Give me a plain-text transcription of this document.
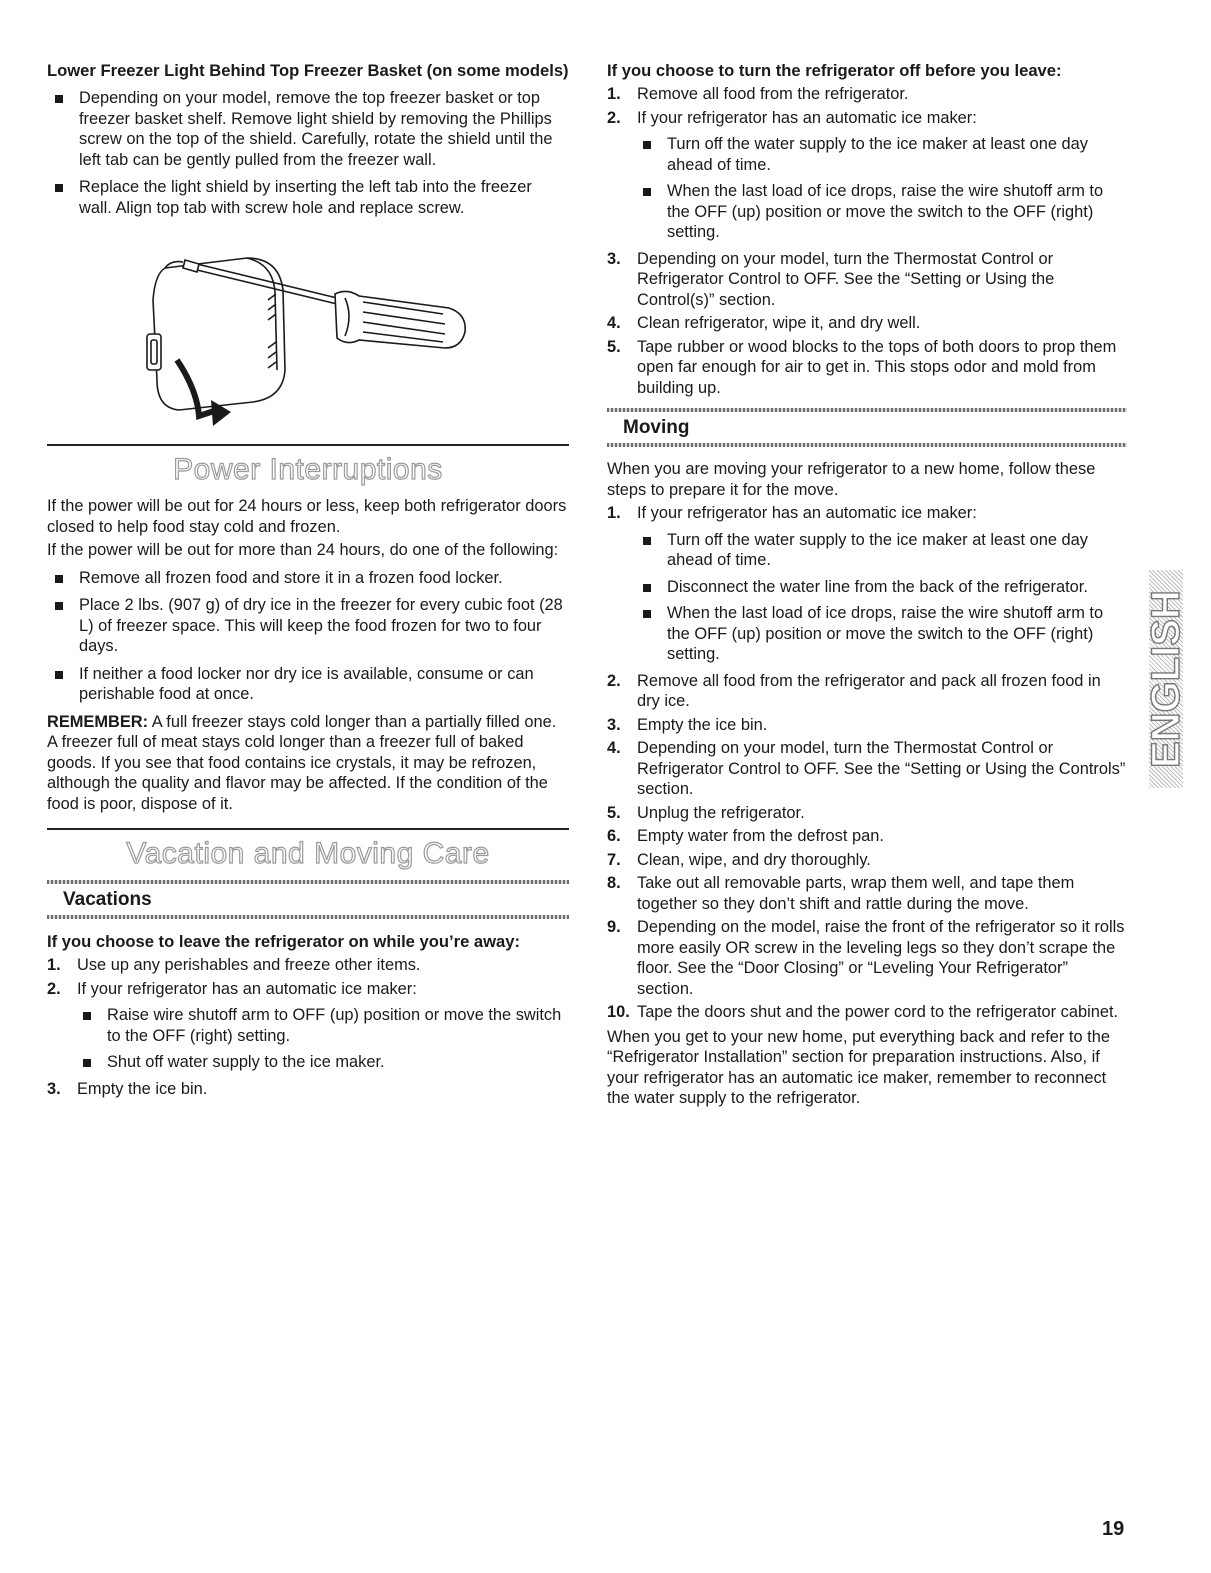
Lower Freezer Light Behind Top Freezer Basket (on some models)

Depending on your model, remove the top freezer basket or top freezer basket shelf. Remove light shield by removing the Phillips screw on the top of the shield. Carefully, rotate the shield until the left tab can be gently pulled from the freezer wall.
Replace the light shield by inserting the left tab into the freezer wall. Align top tab with screw hole and replace screw.
Power Interruptions

If the power will be out for 24 hours or less, keep both refrigerator doors closed to help food stay cold and frozen.

If the power will be out for more than 24 hours, do one of the following:

Remove all frozen food and store it in a frozen food locker.
Place 2 lbs. (907 g) of dry ice in the freezer for every cubic foot (28 L) of freezer space. This will keep the food frozen for two to four days.
If neither a food locker nor dry ice is available, consume or can perishable food at once.

REMEMBER: A full freezer stays cold longer than a partially filled one. A freezer full of meat stays cold longer than a freezer full of baked goods. If you see that food contains ice crystals, it may be refrozen, although the quality and flavor may be affected. If the condition of the food is poor, dispose of it.

Vacation and Moving Care
Vacations

If you choose to leave the refrigerator on while you’re away:

1. Use up any perishables and freeze other items.
2. If your refrigerator has an automatic ice maker:
Raise wire shutoff arm to OFF (up) position or move the switch to the OFF (right) setting.
Shut off water supply to the ice maker.
3. Empty the ice bin.

If you choose to turn the refrigerator off before you leave:

1. Remove all food from the refrigerator.
2. If your refrigerator has an automatic ice maker:
Turn off the water supply to the ice maker at least one day ahead of time.
When the last load of ice drops, raise the wire shutoff arm to the OFF (up) position or move the switch to the OFF (right) setting.
3. Depending on your model, turn the Thermostat Control or Refrigerator Control to OFF. See the “Setting or Using the Control(s)” section.
4. Clean refrigerator, wipe it, and dry well.
5. Tape rubber or wood blocks to the tops of both doors to prop them open far enough for air to get in. This stops odor and mold from building up.
Moving

When you are moving your refrigerator to a new home, follow these steps to prepare it for the move.

1. If your refrigerator has an automatic ice maker:
Turn off the water supply to the ice maker at least one day ahead of time.
Disconnect the water line from the back of the refrigerator.
When the last load of ice drops, raise the wire shutoff arm to the OFF (up) position or move the switch to the OFF (right) setting.
2. Remove all food from the refrigerator and pack all frozen food in dry ice.
3. Empty the ice bin.
4. Depending on your model, turn the Thermostat Control or Refrigerator Control to OFF. See the “Setting or Using the Controls” section.
5. Unplug the refrigerator.
6. Empty water from the defrost pan.
7. Clean, wipe, and dry thoroughly.
8. Take out all removable parts, wrap them well, and tape them together so they don’t shift and rattle during the move.
9. Depending on the model, raise the front of the refrigerator so it rolls more easily OR screw in the leveling legs so they don’t scrape the floor. See the “Door Closing” or “Leveling Your Refrigerator” section.
10. Tape the doors shut and the power cord to the refrigerator cabinet.

When you get to your new home, put everything back and refer to the “Refrigerator Installation” section for preparation instructions. Also, if your refrigerator has an automatic ice maker, remember to reconnect the water supply to the refrigerator.

ENGLISH
19
